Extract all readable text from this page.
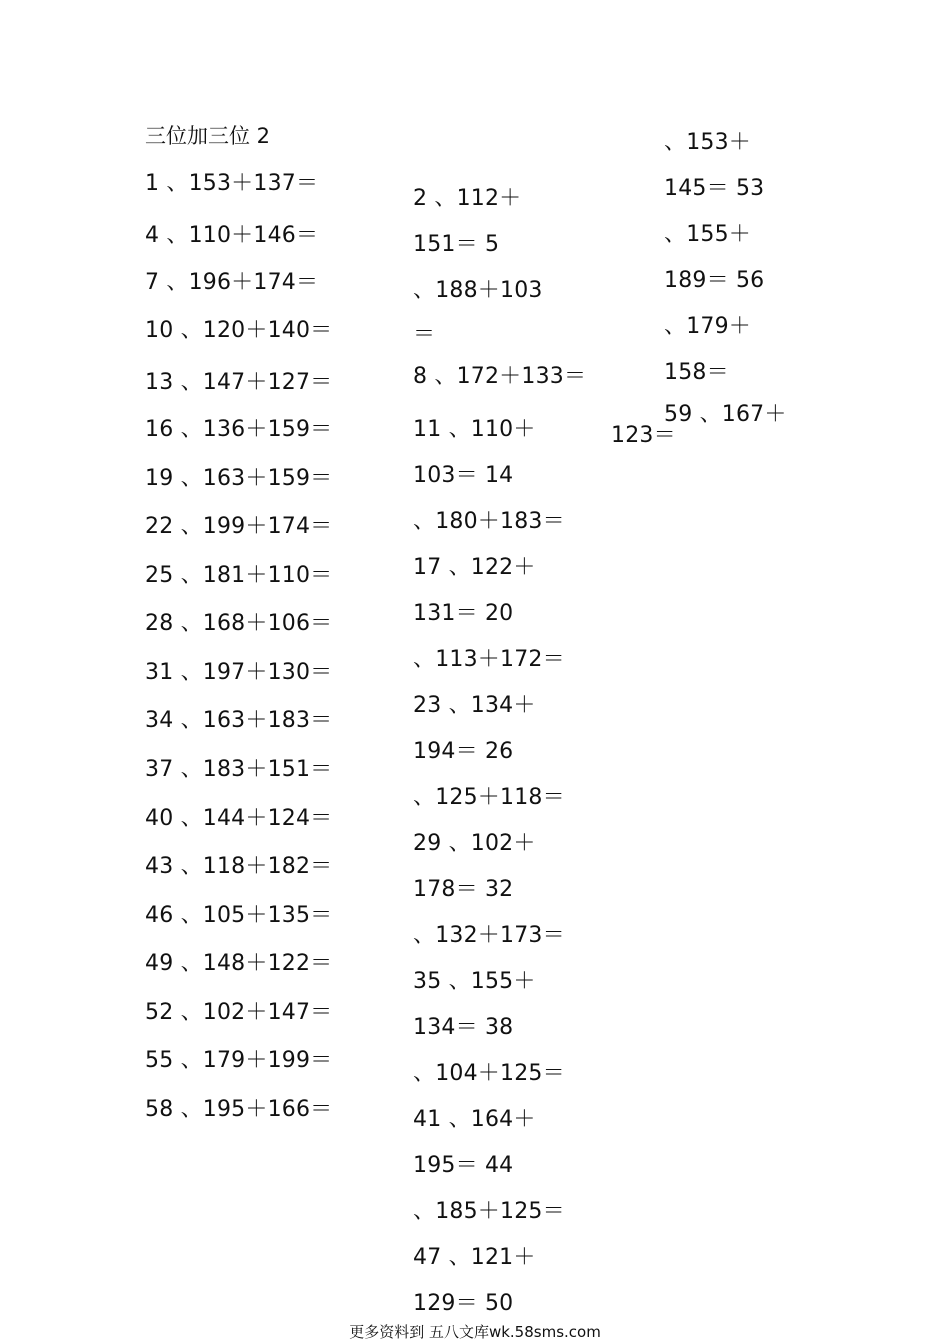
三位加三位 2
1 、153＋137＝
4 、110＋146＝
7 、196＋174＝
10 、120＋140＝
13 、147＋127＝
16 、136＋159＝
19 、163＋159＝
22 、199＋174＝
25 、181＋110＝
28 、168＋106＝
31 、197＋130＝
34 、163＋183＝
37 、183＋151＝
40 、144＋124＝
43 、118＋182＝
46 、105＋135＝
49 、148＋122＝
52 、102＋147＝
55 、179＋199＝
58 、195＋166＝
2 、112＋
151＝ 5
、188＋103
＝
8 、172＋133＝
11 、110＋
103＝ 14
、180＋183＝
17 、122＋
131＝ 20
、113＋172＝
23 、134＋
194＝ 26
、125＋118＝
29 、102＋
178＝ 32
、132＋173＝
35 、155＋
134＝ 38
、104＋125＝
41 、164＋
195＝ 44
、185＋125＝
47 、121＋
129＝ 50
、153＋
145＝ 53
、155＋
189＝ 56
、179＋
158＝
59 、167＋
123＝
更多资料到 五八文库wk.58sms.com
